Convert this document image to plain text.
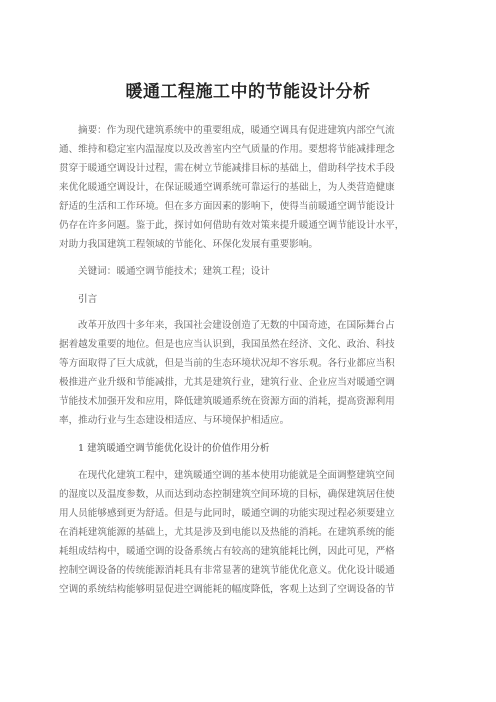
暖通工程施工中的节能设计分析
摘要：作为现代建筑系统中的重要组成，暖通空调具有促进建筑内部空气流
通、维持和稳定室内温湿度以及改善室内空气质量的作用。要想将节能减排理念
贯穿于暖通空调设计过程，需在树立节能减排目标的基础上，借助科学技术手段
来优化暖通空调设计，在保证暖通空调系统可靠运行的基础上，为人类营造健康
舒适的生活和工作环境。但在多方面因素的影响下，使得当前暖通空调节能设计
仍存在许多问题。鉴于此，探讨如何借助有效对策来提升暖通空调节能设计水平，
对助力我国建筑工程领域的节能化、环保化发展有重要影响。
关键词：暖通空调节能技术；建筑工程；设计
引言
改革开放四十多年来，我国社会建设创造了无数的中国奇迹，在国际舞台占
据着越发重要的地位。但是也应当认识到，我国虽然在经济、文化、政治、科技
等方面取得了巨大成就，但是当前的生态环境状况却不容乐观。各行业都应当积
极推进产业升级和节能减排，尤其是建筑行业，建筑行业、企业应当对暖通空调
节能技术加强开发和应用，降低建筑暖通系统在资源方面的消耗，提高资源利用
率，推动行业与生态建设相适应、与环境保护相适应。
1 建筑暖通空调节能优化设计的价值作用分析
在现代化建筑工程中，建筑暖通空调的基本使用功能就是全面调整建筑空间
的湿度以及温度参数，从而达到动态控制建筑空间环境的目标，确保建筑居住使
用人员能够感到更为舒适。但是与此同时，暖通空调的功能实现过程必须要建立
在消耗建筑能源的基础上，尤其是涉及到电能以及热能的消耗。在建筑系统的能
耗组成结构中，暖通空调的设备系统占有较高的建筑能耗比例，因此可见，严格
控制空调设备的传统能源消耗具有非常显著的建筑节能优化意义。优化设计暖通
空调的系统结构能够明显促进空调能耗的幅度降低，客观上达到了空调设备的节
